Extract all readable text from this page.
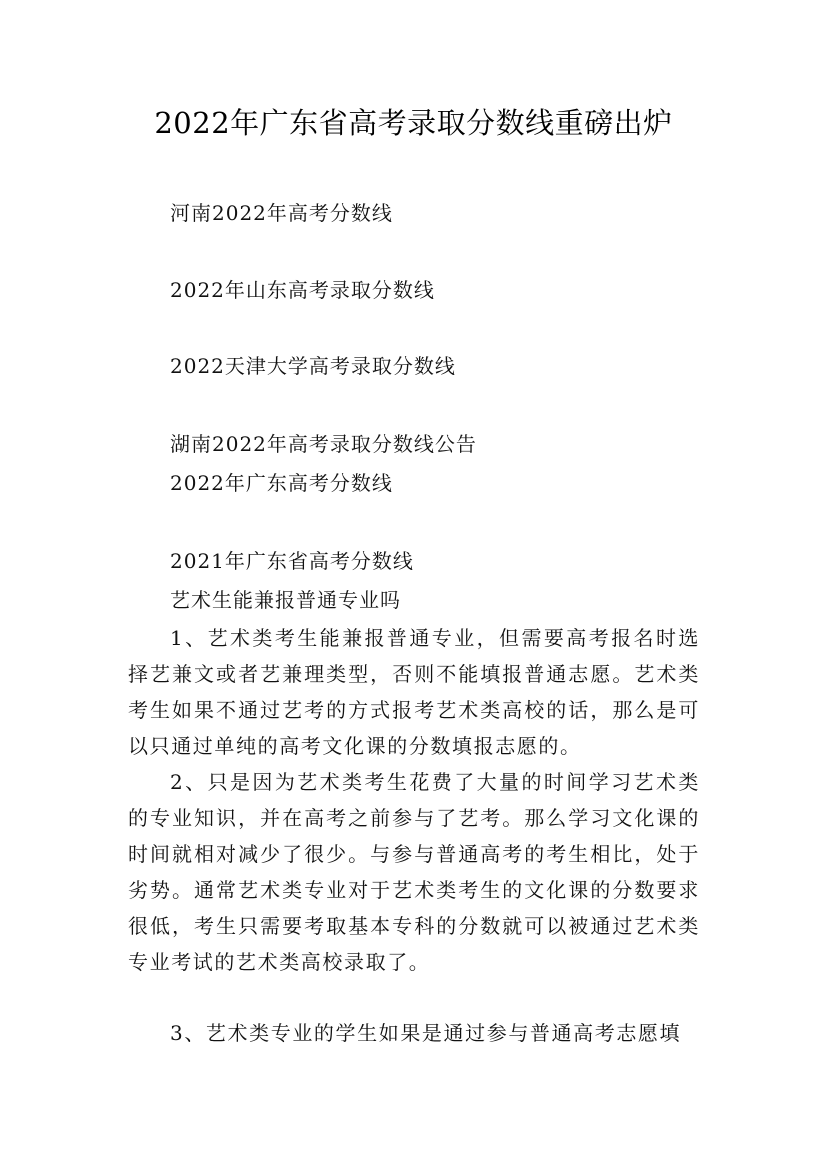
2022年广东省高考录取分数线重磅出炉
河南2022年高考分数线
2022年山东高考录取分数线
2022天津大学高考录取分数线
湖南2022年高考录取分数线公告
2022年广东高考分数线
2021年广东省高考分数线
艺术生能兼报普通专业吗

1、艺术类考生能兼报普通专业，但需要高考报名时选择艺兼文或者艺兼理类型，否则不能填报普通志愿。艺术类考生如果不通过艺考的方式报考艺术类高校的话，那么是可以只通过单纯的高考文化课的分数填报志愿的。

2、只是因为艺术类考生花费了大量的时间学习艺术类的专业知识，并在高考之前参与了艺考。那么学习文化课的时间就相对减少了很少。与参与普通高考的考生相比，处于劣势。通常艺术类专业对于艺术类考生的文化课的分数要求很低，考生只需要考取基本专科的分数就可以被通过艺术类专业考试的艺术类高校录取了。

3、艺术类专业的学生如果是通过参与普通高考志愿填
